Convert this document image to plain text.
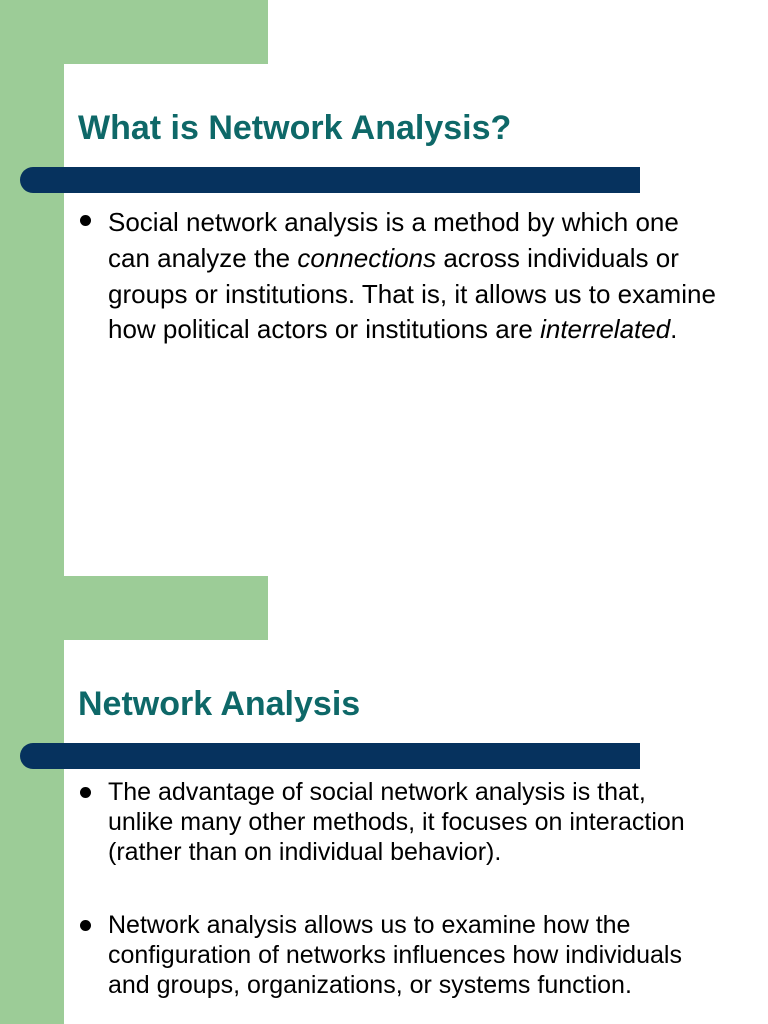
What is Network Analysis?

Social network analysis is a method by which one can analyze the connections across individuals or groups or institutions. That is, it allows us to examine how political actors or institutions are interrelated.

Network Analysis

The advantage of social network analysis is that, unlike many other methods, it focuses on interaction (rather than on individual behavior).

Network analysis allows us to examine how the configuration of networks influences how individuals and groups, organizations, or systems function.
